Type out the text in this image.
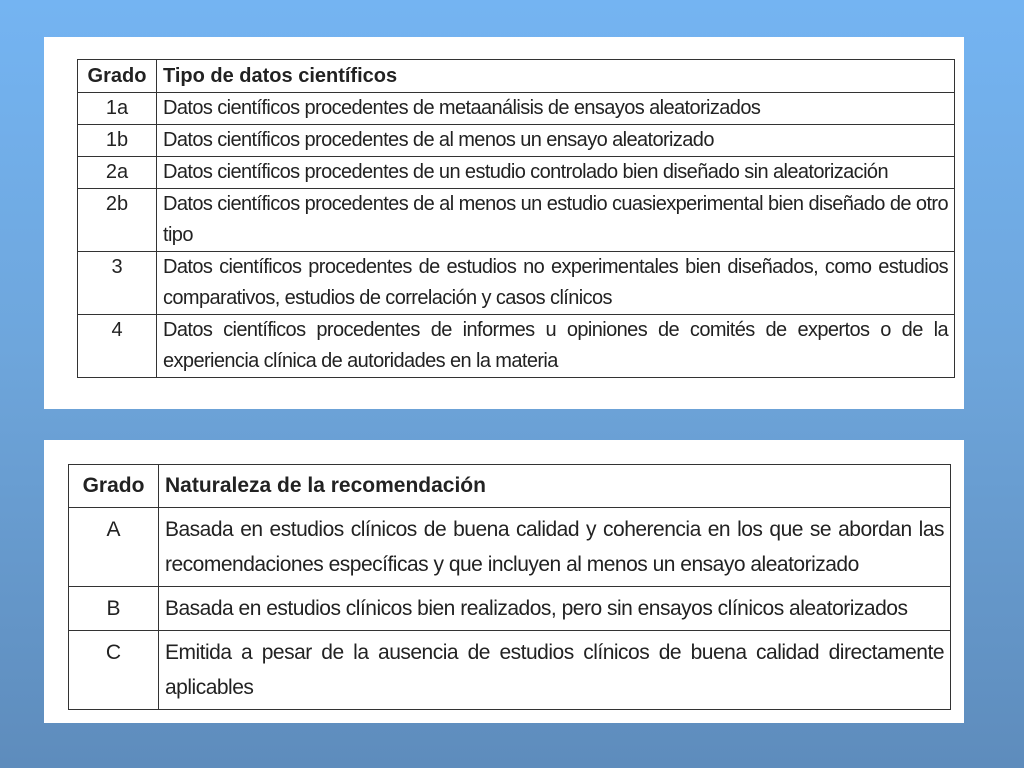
Grado	Tipo de datos científicos
1a	Datos científicos procedentes de metaanálisis de ensayos aleatorizados
1b	Datos científicos procedentes de al menos un ensayo aleatorizado
2a	Datos científicos procedentes de un estudio controlado bien diseñado sin aleatorización
2b	Datos científicos procedentes de al menos un estudio cuasiexperimental bien diseñado de otro tipo
3	Datos científicos procedentes de estudios no experimentales bien diseñados, como estudios comparativos, estudios de correlación y casos clínicos
4	Datos científicos procedentes de informes u opiniones de comités de expertos o de la experiencia clínica de autoridades en la materia
Grado	Naturaleza de la recomendación
A	Basada en estudios clínicos de buena calidad y coherencia en los que se abordan las recomendaciones específicas y que incluyen al menos un ensayo aleatorizado
B	Basada en estudios clínicos bien realizados, pero sin ensayos clínicos aleatorizados
C	Emitida a pesar de la ausencia de estudios clínicos de buena calidad directamente aplicables
